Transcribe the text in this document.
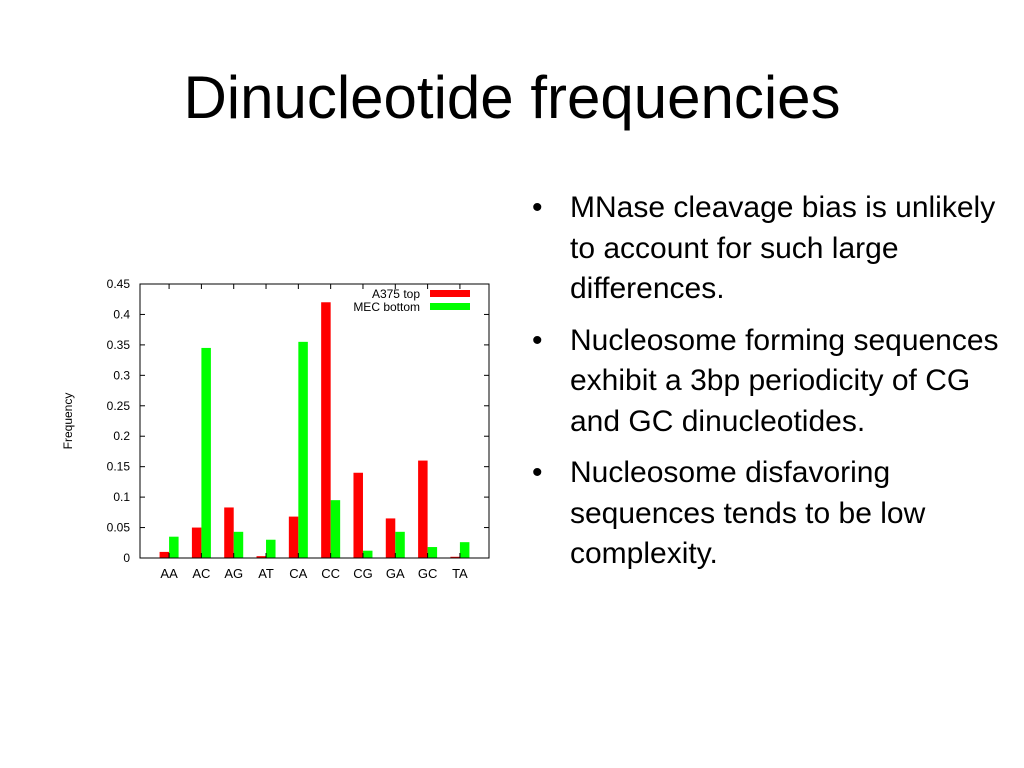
Dinucleotide frequencies
0
0.05
0.1
0.15
0.2
0.25
0.3
0.35
0.4
0.45
AA AC AG AT CA CC CG GA GC TA
Frequency
A375 top
MEC bottom
• MNase cleavage bias is unlikely to account for such large differences.
• Nucleosome forming sequences exhibit a 3bp periodicity of CG and GC dinucleotides.
• Nucleosome disfavoring sequences tends to be low complexity.
